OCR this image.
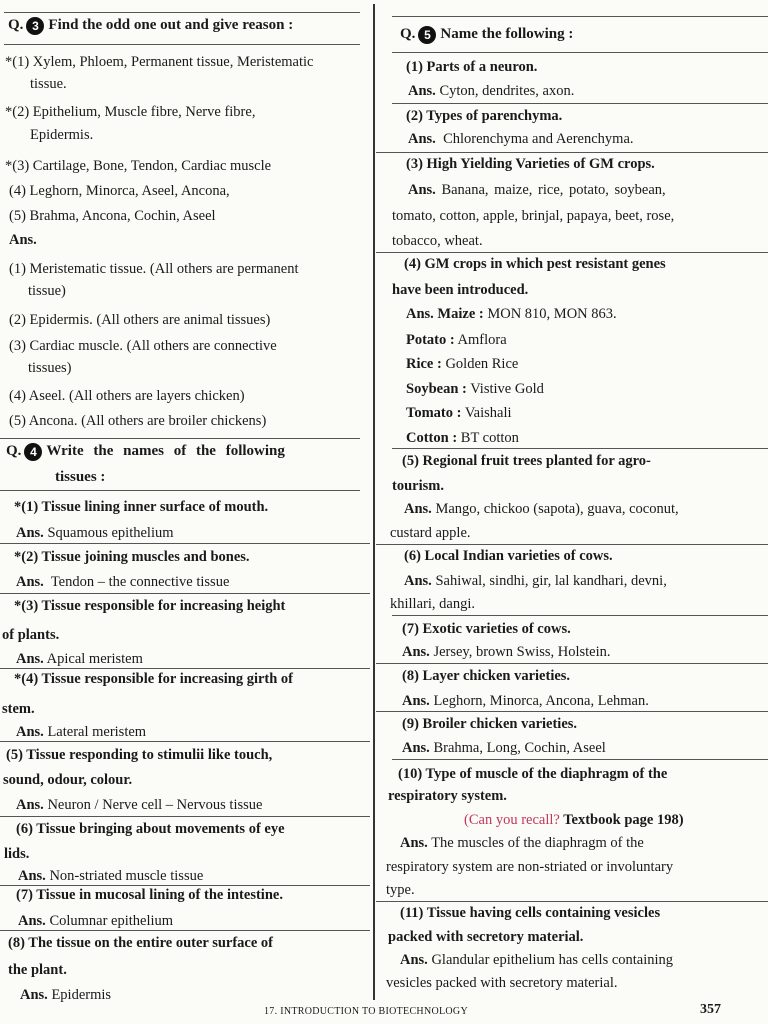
Q. 3 Find the odd one out and give reason :
*(1) Xylem, Phloem, Permanent tissue, Meristematic
tissue.
*(2) Epithelium, Muscle fibre, Nerve fibre,
Epidermis.
*(3) Cartilage, Bone, Tendon, Cardiac muscle
(4) Leghorn, Minorca, Aseel, Ancona,
(5) Brahma, Ancona, Cochin, Aseel
Ans.
(1) Meristematic tissue. (All others are permanent
tissue)
(2) Epidermis. (All others are animal tissues)
(3) Cardiac muscle. (All others are connective
tissues)
(4) Aseel. (All others are layers chicken)
(5) Ancona. (All others are broiler chickens)
Q. 4 Write the names of the following
tissues :
*(1) Tissue lining inner surface of mouth.
Ans. Squamous epithelium
*(2) Tissue joining muscles and bones.
Ans. Tendon – the connective tissue
*(3) Tissue responsible for increasing height
of plants.
Ans. Apical meristem
*(4) Tissue responsible for increasing girth of
stem.
Ans. Lateral meristem
(5) Tissue responding to stimulii like touch,
sound, odour, colour.
Ans. Neuron / Nerve cell – Nervous tissue
(6) Tissue bringing about movements of eye
lids.
Ans. Non-striated muscle tissue
(7) Tissue in mucosal lining of the intestine.
Ans. Columnar epithelium
(8) The tissue on the entire outer surface of
the plant.
Ans. Epidermis
Q. 5 Name the following :
(1) Parts of a neuron.
Ans. Cyton, dendrites, axon.
(2) Types of parenchyma.
Ans. Chlorenchyma and Aerenchyma.
(3) High Yielding Varieties of GM crops.
Ans. Banana, maize, rice, potato, soybean,
tomato, cotton, apple, brinjal, papaya, beet, rose,
tobacco, wheat.
(4) GM crops in which pest resistant genes
have been introduced.
Ans. Maize : MON 810, MON 863.
Potato : Amflora
Rice : Golden Rice
Soybean : Vistive Gold
Tomato : Vaishali
Cotton : BT cotton
(5) Regional fruit trees planted for agro-
tourism.
Ans. Mango, chickoo (sapota), guava, coconut,
custard apple.
(6) Local Indian varieties of cows.
Ans. Sahiwal, sindhi, gir, lal kandhari, devni,
khillari, dangi.
(7) Exotic varieties of cows.
Ans. Jersey, brown Swiss, Holstein.
(8) Layer chicken varieties.
Ans. Leghorn, Minorca, Ancona, Lehman.
(9) Broiler chicken varieties.
Ans. Brahma, Long, Cochin, Aseel
(10) Type of muscle of the diaphragm of the
respiratory system.
(Can you recall? Textbook page 198)
Ans. The muscles of the diaphragm of the
respiratory system are non-striated or involuntary
type.
(11) Tissue having cells containing vesicles
packed with secretory material.
Ans. Glandular epithelium has cells containing
vesicles packed with secretory material.
17. INTRODUCTION TO BIOTECHNOLOGY	357
